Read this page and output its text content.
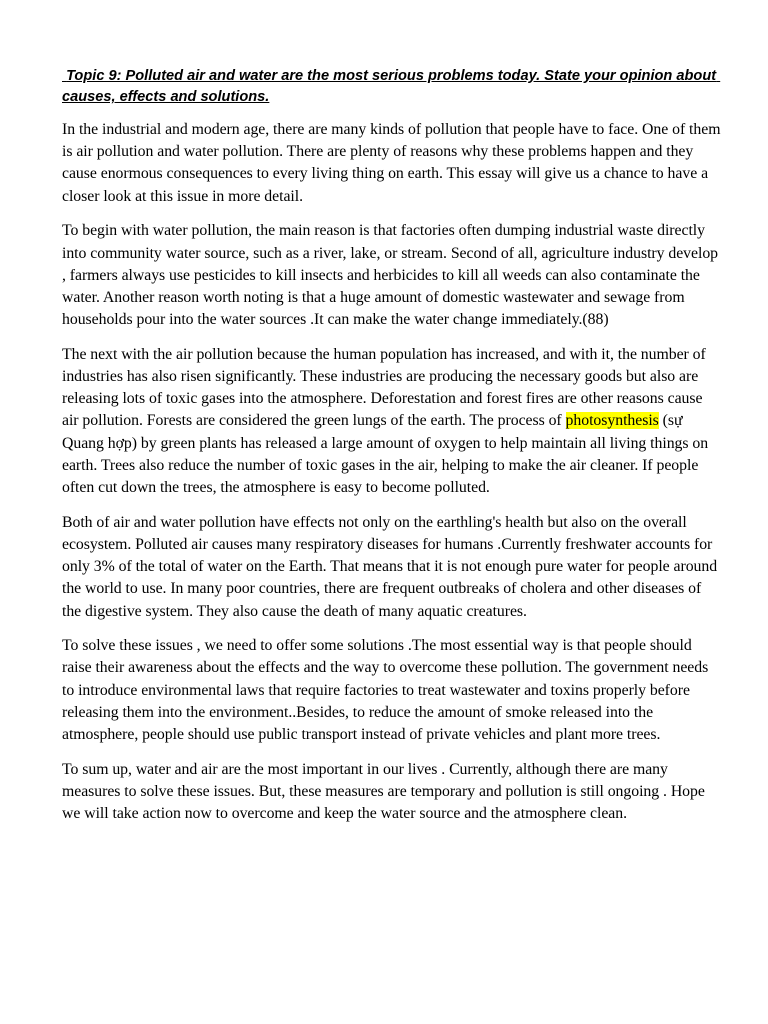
Topic 9: Polluted air and water are the most serious problems today. State your opinion about causes, effects and solutions.

In the industrial and modern age, there are many kinds of pollution that people have to face. One of them is air pollution and water pollution. There are plenty of reasons why these problems happen and they cause enormous consequences to every living thing on earth. This essay will give us a chance to have a closer look at this issue in more detail.

To begin with water pollution, the main reason is that factories often dumping industrial waste directly into community water source, such as a river, lake, or stream. Second of all, agriculture industry develop , farmers always use pesticides to kill insects and herbicides to kill all weeds can also contaminate the water. Another reason worth noting is that a huge amount of domestic wastewater and sewage from households pour into the water sources .It can make the water change immediately.(88)

The next with the air pollution because the human population has increased, and with it, the number of industries has also risen significantly. These industries are producing the necessary goods but also are releasing lots of toxic gases into the atmosphere. Deforestation and forest fires are other reasons cause air pollution. Forests are considered the green lungs of the earth. The process of photosynthesis (sự Quang hợp) by green plants has released a large amount of oxygen to help maintain all living things on earth. Trees also reduce the number of toxic gases in the air, helping to make the air cleaner. If people often cut down the trees, the atmosphere is easy to become polluted.

Both of air and water pollution have effects not only on the earthling's health but also on the overall ecosystem. Polluted air causes many respiratory diseases for humans .Currently freshwater accounts for only 3% of the total of water on the Earth. That means that it is not enough pure water for people around the world to use. In many poor countries, there are frequent outbreaks of cholera and other diseases of the digestive system. They also cause the death of many aquatic creatures.

To solve these issues , we need to offer some solutions .The most essential way is that people should raise their awareness about the effects and the way to overcome these pollution. The government needs to introduce environmental laws that require factories to treat wastewater and toxins properly before releasing them into the environment..Besides, to reduce the amount of smoke released into the atmosphere, people should use public transport instead of private vehicles and plant more trees.

To sum up, water and air are the most important in our lives . Currently, although there are many measures to solve these issues. But, these measures are temporary and pollution is still ongoing . Hope we will take action now to overcome and keep the water source and the atmosphere clean.
